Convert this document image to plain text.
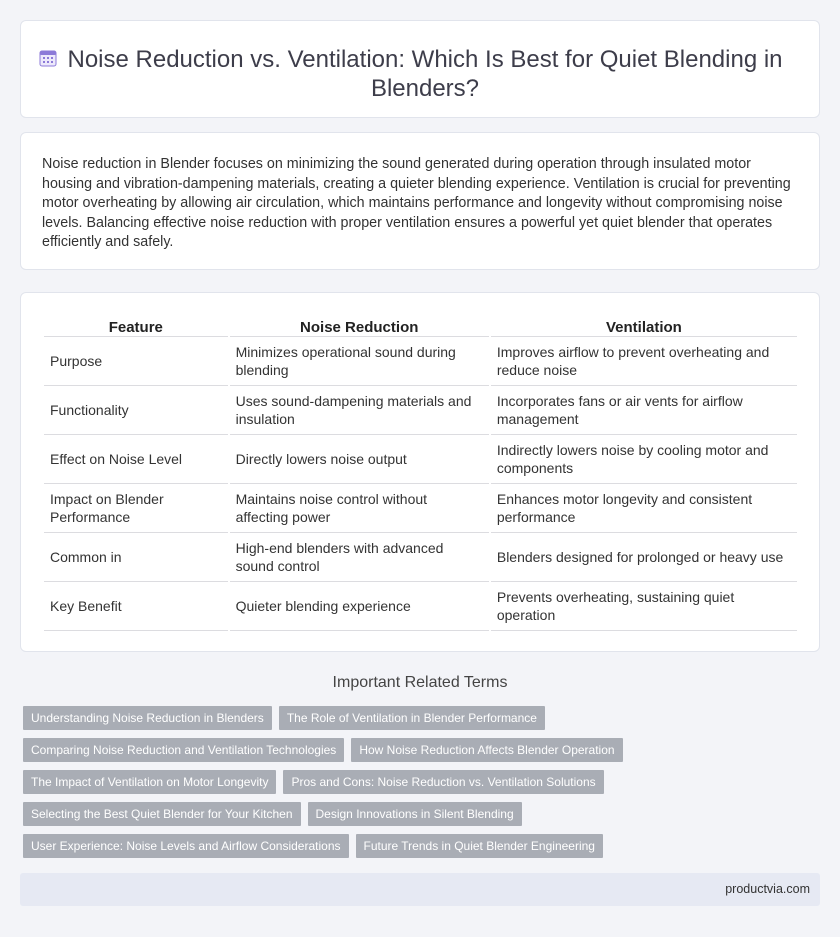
Noise Reduction vs. Ventilation: Which Is Best for Quiet Blending in Blenders?

Noise reduction in Blender focuses on minimizing the sound generated during operation through insulated motor housing and vibration-dampening materials, creating a quieter blending experience. Ventilation is crucial for preventing motor overheating by allowing air circulation, which maintains performance and longevity without compromising noise levels. Balancing effective noise reduction with proper ventilation ensures a powerful yet quiet blender that operates efficiently and safely.

Feature	Noise Reduction	Ventilation
Purpose	Minimizes operational sound during blending	Improves airflow to prevent overheating and reduce noise
Functionality	Uses sound-dampening materials and insulation	Incorporates fans or air vents for airflow management
Effect on Noise Level	Directly lowers noise output	Indirectly lowers noise by cooling motor and components
Impact on Blender Performance	Maintains noise control without affecting power	Enhances motor longevity and consistent performance
Common in	High-end blenders with advanced sound control	Blenders designed for prolonged or heavy use
Key Benefit	Quieter blending experience	Prevents overheating, sustaining quiet operation
Important Related Terms
Understanding Noise Reduction in Blenders	The Role of Ventilation in Blender Performance
Comparing Noise Reduction and Ventilation Technologies	How Noise Reduction Affects Blender Operation
The Impact of Ventilation on Motor Longevity	Pros and Cons: Noise Reduction vs. Ventilation Solutions
Selecting the Best Quiet Blender for Your Kitchen	Design Innovations in Silent Blending
User Experience: Noise Levels and Airflow Considerations	Future Trends in Quiet Blender Engineering
productvia.com
